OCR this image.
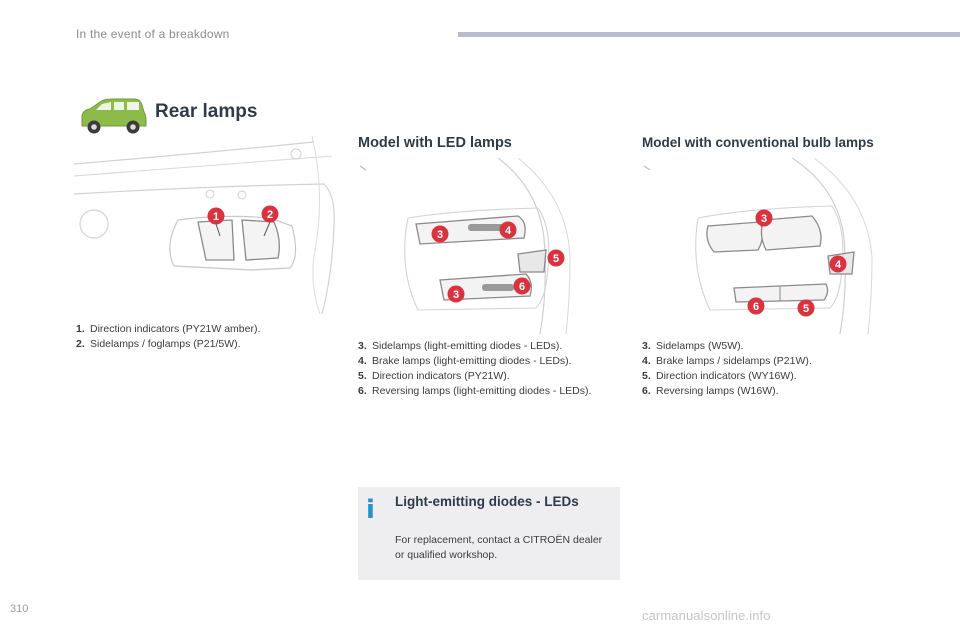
In the event of a breakdown
Rear lamps
Model with LED lamps	Model with conventional bulb lamps
1	2
3	4
5
3
6
3
4
6	5
1. Direction indicators (PY21W amber).
2. Sidelamps / foglamps (P21/5W).	3. Sidelamps (light-emitting diodes - LEDs).
4. Brake lamps (light-emitting diodes - LEDs).
5. Direction indicators (PY21W).
6. Reversing lamps (light-emitting diodes - LEDs).
3. Sidelamps (W5W).
4. Brake lamps / sidelamps (P21W).
5. Direction indicators (WY16W).
6. Reversing lamps (W16W).
i Light-emitting diodes - LEDs
For replacement, contact a CITROËN dealer or qualified workshop.
310	carmanualsonline.info
